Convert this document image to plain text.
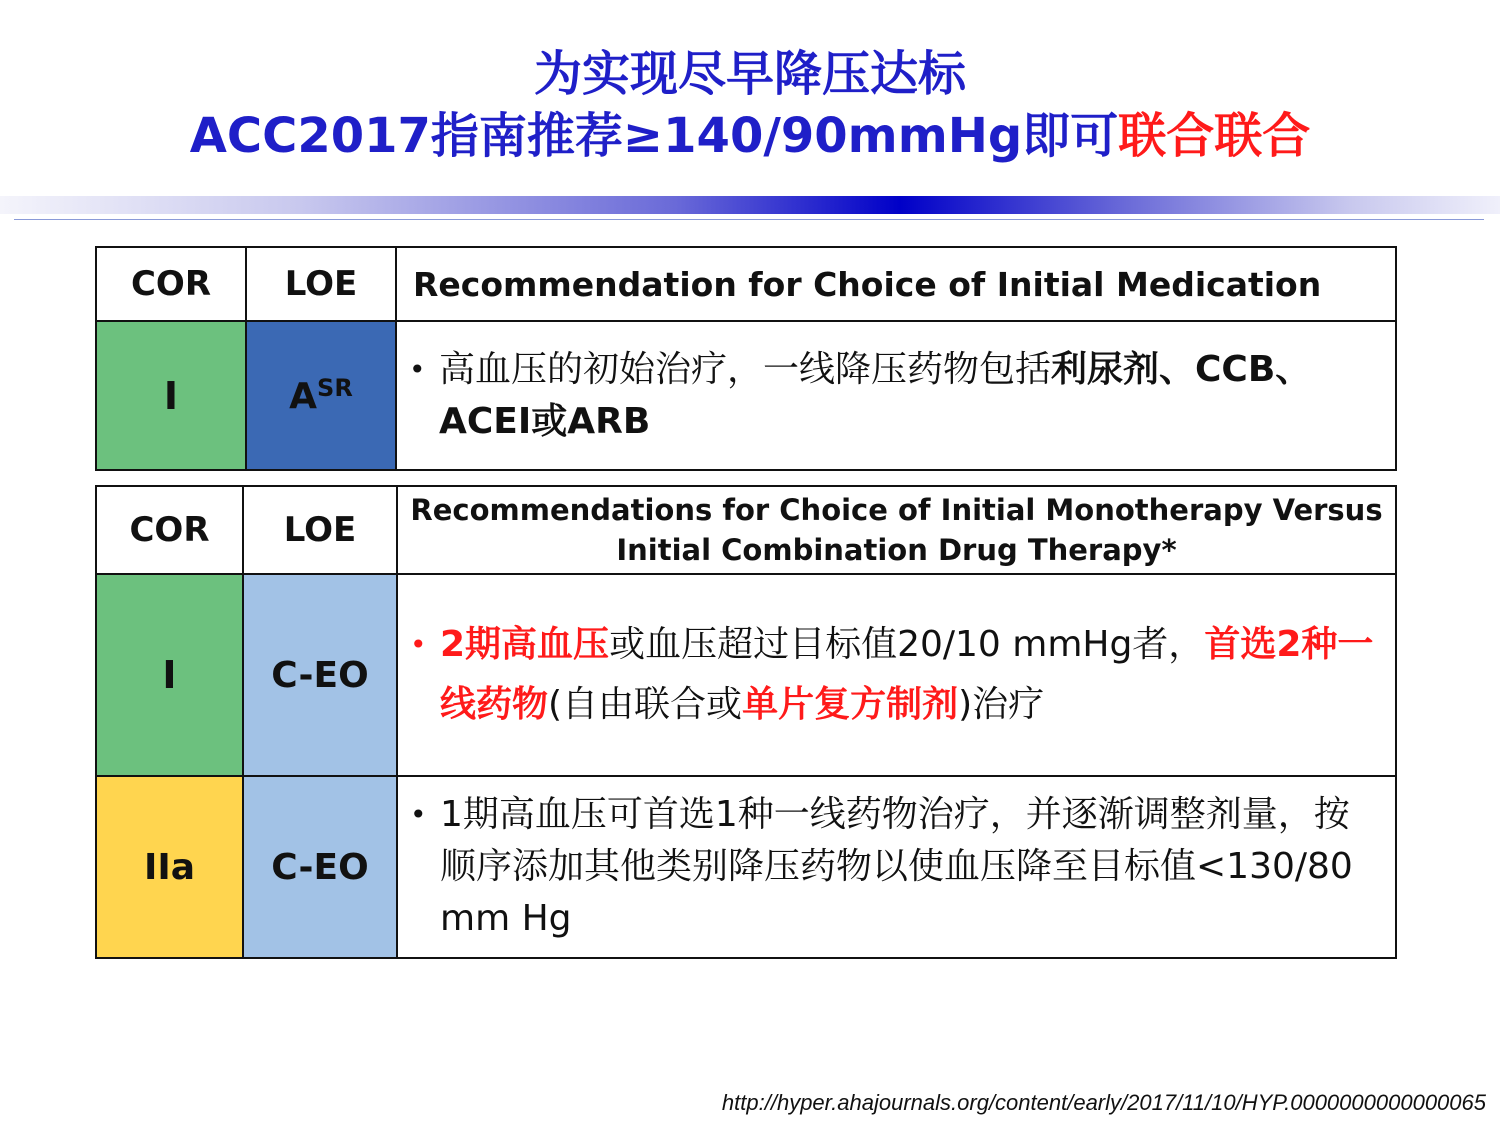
为实现尽早降压达标
ACC2017指南推荐≥140/90mmHg即可联合联合
COR	LOE	Recommendation for Choice of Initial Medication
I	$A^{SR}$	• 高血压的初始治疗，一线降压药物包括利尿剂、CCB、ACEI或ARB
COR	LOE	Recommendations for Choice of Initial Monotherapy Versus
Initial Combination Drug Therapy*

I	C-EO	• 2期高血压或血压超过目标值20/10 mmHg者，首选2种一线药物(自由联合或单片复方制剂)治疗

IIa	C-EO	• 1期高血压可首选1种一线药物治疗，并逐渐调整剂量，按顺序添加其他类别降压药物以使血压降至目标值<130/80 mm Hg
http://hyper.ahajournals.org/content/early/2017/11/10/HYP.0000000000000065
